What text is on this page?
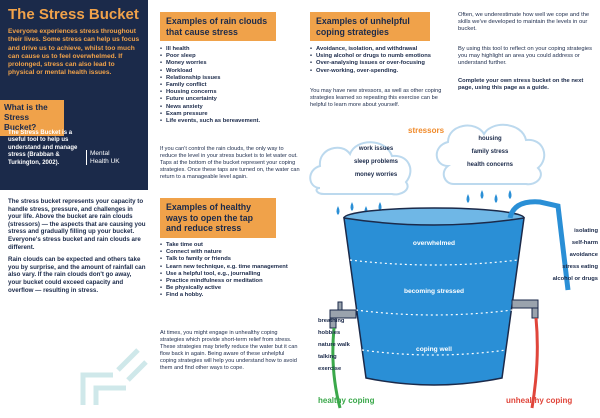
The Stress Bucket
Everyone experiences stress throughout their lives. Some stress can help us focus and drive us to achieve, whilst too much can cause us to feel overwhelmed. If prolonged, stress can also lead to physical or mental health issues.
What is the Stress Bucket?
The Stress Bucket is a useful tool to help us understand and manage stress (Brabban & Turkington, 2002).
Mental Health UK

The stress bucket represents your capacity to handle stress, pressure, and challenges in your life. Above the bucket are rain clouds (stressors) — the aspects that are causing you stress and gradually filling up your bucket. Everyone's stress bucket and rain clouds are different.

Rain clouds can be expected and others take you by surprise, and the amount of rainfall can also vary. If the rain clouds don't go away, your bucket could exceed capacity and overflow — resulting in stress.

Examples of rain clouds that cause stress
• Ill health
• Poor sleep
• Money worries
• Workload
• Relationship issues
• Family conflict
• Housing concerns
• Future uncertainty
• News anxiety
• Exam pressure
• Life events, such as bereavement.
If you can't control the rain clouds, the only way to reduce the level in your stress bucket is to let water out. Taps at the bottom of the bucket represent your coping strategies. Once these taps are turned on, the water can return to a manageable level again.
Examples of healthy ways to open the tap and reduce stress
• Take time out
• Connect with nature
• Talk to family or friends
• Learn new technique, e.g. time management
• Use a helpful tool, e.g., journalling
• Practice mindfulness or meditation
• Be physically active
• Find a hobby.
At times, you might engage in unhealthy coping strategies which provide short-term relief from stress. These strategies may briefly reduce the water but it can flow back in again. Being aware of these unhelpful coping strategies will help you understand how to avoid them and find other ways to cope.
Examples of unhelpful coping strategies
• Avoidance, isolation, and withdrawal
• Using alcohol or drugs to numb emotions
• Over-analysing issues or over-focusing
• Over-working, over-spending.
You may have new stressors, as well as other coping strategies learned so repeating this exercise can be helpful to learn more about yourself.
Often, we underestimate how well we cope and the skills we've developed to maintain the levels in our bucket.
By using this tool to reflect on your coping strategies you may highlight an area you could address or understand further.
Complete your own stress bucket on the next page, using this page as a guide.
stressors
work issues
sleep problems
money worries
housing
family stress
health concerns
overwhelmed
becoming stressed
coping well
breathing
hobbies
nature walk
talking
exercise
isolating
self-harm
avoidance
stress eating
alcohol or drugs
healthy coping	unhealthy coping
